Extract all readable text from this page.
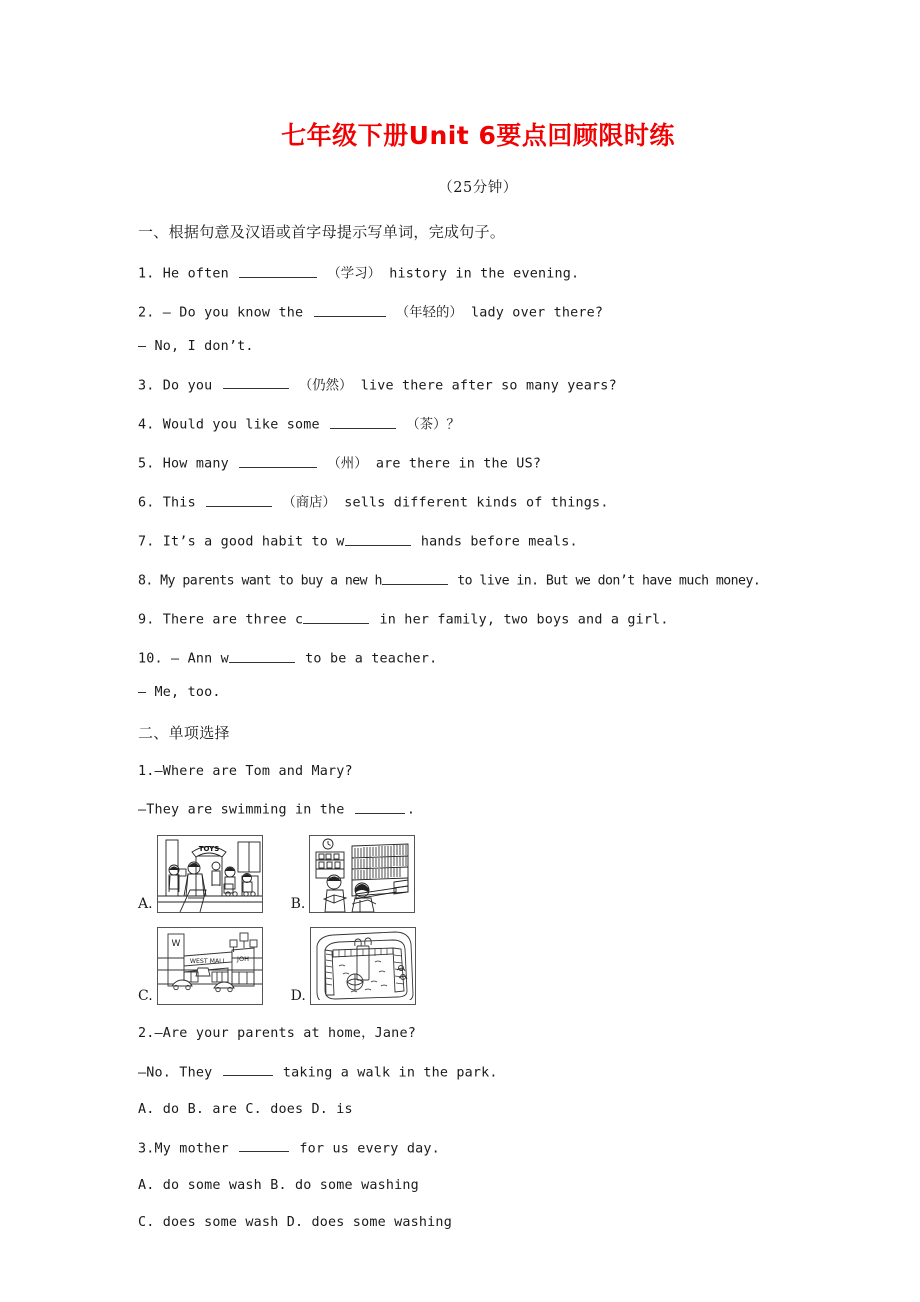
七年级下册Unit 6要点回顾限时练
（25分钟）
一、根据句意及汉语或首字母提示写单词，完成句子。
1. He often	（学习） history in the evening.
2. — Do you know the	（年轻的） lady over there?
— No, I don’t.
3. Do you	（仍然） live there after so many years?
4. Would you like some	（茶）？
5. How many	（州） are there in the US?
6. This	（商店） sells different kinds of things.
7. It’s a good habit to w	hands before meals.
8. My parents want to buy a new h	to live in. But we don’t have much money.
9. There are three c	in her family, two boys and a girl.
10. — Ann w	to be a teacher.
— Me, too.
二、单项选择
1.—Where are Tom and Mary?
—They are swimming in the	.
A.
TOYS
B.
C.
W
WEST MALL JOH
D.
2.—Are your parents at home，Jane?
—No. They	taking a walk in the park.
A. do B. are C. does D. is
3.My mother	for us every day.
A. do some wash B. do some washing
C. does some wash D. does some washing
